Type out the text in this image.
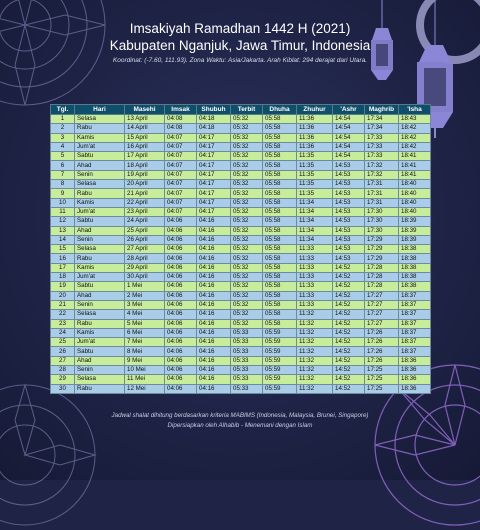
Imsakiyah Ramadhan 1442 H (2021)
Kabupaten Nganjuk, Jawa Timur, Indonesia
Koordinat: (-7.60, 111.93). Zona Waktu: Asia/Jakarta. Arah Kiblat: 294 derajat dari Utara.
Tgl.	Hari	Masehi	Imsak	Shubuh	Terbit	Dhuha	Zhuhur	'Ashr	Maghrib	'Isha
1	Selasa	13 April	04:08	04:18	05:32	05:58	11:36	14:54	17:34	18:43
2	Rabu	14 April	04:08	04:18	05:32	05:58	11:36	14:54	17:34	18:42
3	Kamis	15 April	04:07	04:17	05:32	05:58	11:36	14:54	17:33	18:42
4	Jum'at	16 April	04:07	04:17	05:32	05:58	11:36	14:54	17:33	18:42
5	Sabtu	17 April	04:07	04:17	05:32	05:58	11:35	14:54	17:33	18:41
6	Ahad	18 April	04:07	04:17	05:32	05:58	11:35	14:53	17:32	18:41
7	Senin	19 April	04:07	04:17	05:32	05:58	11:35	14:53	17:32	18:41
8	Selasa	20 April	04:07	04:17	05:32	05:58	11:35	14:53	17:31	18:40
9	Rabu	21 April	04:07	04:17	05:32	05:58	11:35	14:53	17:31	18:40
10	Kamis	22 April	04:07	04:17	05:32	05:58	11:34	14:53	17:31	18:40
11	Jum'at	23 April	04:07	04:17	05:32	05:58	11:34	14:53	17:30	18:40
12	Sabtu	24 April	04:06	04:16	05:32	05:58	11:34	14:53	17:30	18:39
13	Ahad	25 April	04:06	04:16	05:32	05:58	11:34	14:53	17:30	18:39
14	Senin	26 April	04:06	04:16	05:32	05:58	11:34	14:53	17:29	18:39
15	Selasa	27 April	04:06	04:16	05:32	05:58	11:33	14:53	17:29	18:38
16	Rabu	28 April	04:06	04:16	05:32	05:58	11:33	14:53	17:29	18:38
17	Kamis	29 April	04:06	04:16	05:32	05:58	11:33	14:52	17:28	18:38
18	Jum'at	30 April	04:06	04:16	05:32	05:58	11:33	14:52	17:28	18:38
19	Sabtu	1 Mei	04:06	04:16	05:32	05:58	11:33	14:52	17:28	18:38
20	Ahad	2 Mei	04:06	04:16	05:32	05:58	11:33	14:52	17:27	18:37
21	Senin	3 Mei	04:06	04:16	05:32	05:58	11:33	14:52	17:27	18:37
22	Selasa	4 Mei	04:06	04:16	05:32	05:58	11:32	14:52	17:27	18:37
23	Rabu	5 Mei	04:06	04:16	05:32	05:58	11:32	14:52	17:27	18:37
24	Kamis	6 Mei	04:06	04:16	05:33	05:59	11:32	14:52	17:26	18:37
25	Jum'at	7 Mei	04:06	04:16	05:33	05:59	11:32	14:52	17:26	18:37
26	Sabtu	8 Mei	04:06	04:16	05:33	05:59	11:32	14:52	17:26	18:37
27	Ahad	9 Mei	04:06	04:16	05:33	05:59	11:32	14:52	17:26	18:36
28	Senin	10 Mei	04:06	04:16	05:33	05:59	11:32	14:52	17:25	18:36
29	Selasa	11 Mei	04:06	04:16	05:33	05:59	11:32	14:52	17:25	18:36
30	Rabu	12 Mei	04:06	04:16	05:33	05:59	11:32	14:52	17:25	18:36
Jadwal shalat dihitung berdasarkan kriteria MABIMS (Indonesia, Malaysia, Brunei, Singapore)
Dipersiapkan oleh Alhabib - Menemani dengan Islam
